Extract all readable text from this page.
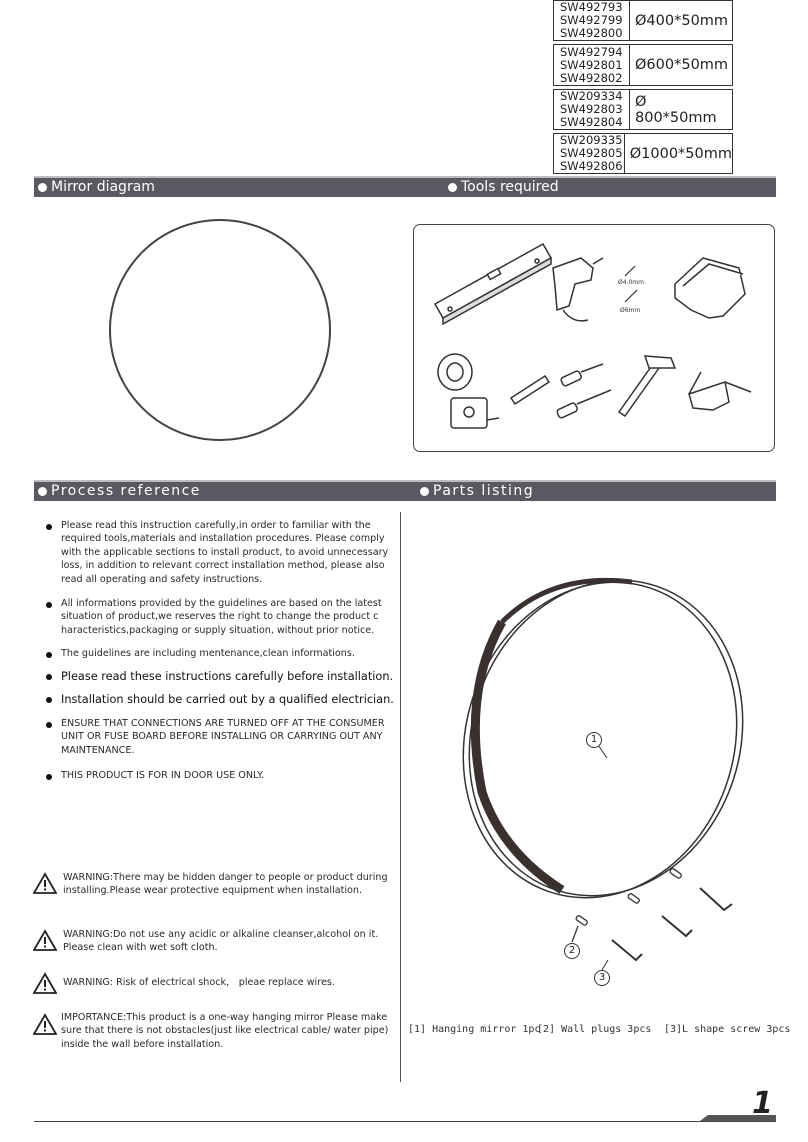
SW492793
SW492799
SW492800
Ø400*50mm
SW492794
SW492801
SW492802
Ø600*50mm
SW209334
SW492803
SW492804
Ø 800*50mm
SW209335
SW492805
SW492806
Ø1000*50mm
Mirror diagram	Tools required
Ø4.0mm
Ø6mm
Process reference	Parts listing
Please read this instruction carefully,in order to familiar with the required tools,materials and installation procedures. Please comply with the applicable sections to install product, to avoid unnecessary loss, in addition to relevant correct installation method, please also read all operating and safety instructions.
All informations provided by the guidelines are based on the latest situation of product,we reserves the right to change the product c haracteristics,packaging or supply situation, without prior notice.
The guidelines are including mentenance,clean informations.
Please read these instructions carefully before installation.
Installation should be carried out by a qualified electrician.
ENSURE THAT CONNECTIONS ARE TURNED OFF AT THE CONSUMER UNIT OR FUSE BOARD BEFORE INSTALLING OR CARRYING OUT ANY MAINTENANCE.
THIS PRODUCT IS FOR IN DOOR USE ONLY.
WARNING:There may be hidden danger to people or product during installing.Please wear protective equipment when installation.
WARNING:Do not use any acidic or alkaline cleanser,alcohol on it. Please clean with wet soft cloth.
WARNING: Risk of electrical shock， pleae replace wires.
IMPORTANCE:This product is a one-way hanging mirror Please make sure that there is not obstacles(just like electrical cable/ water pipe) inside the wall before installation.
1
2
3
[1] Hanging mirror 1pc
[2] Wall plugs 3pcs [3]L shape screw 3pcs
1
